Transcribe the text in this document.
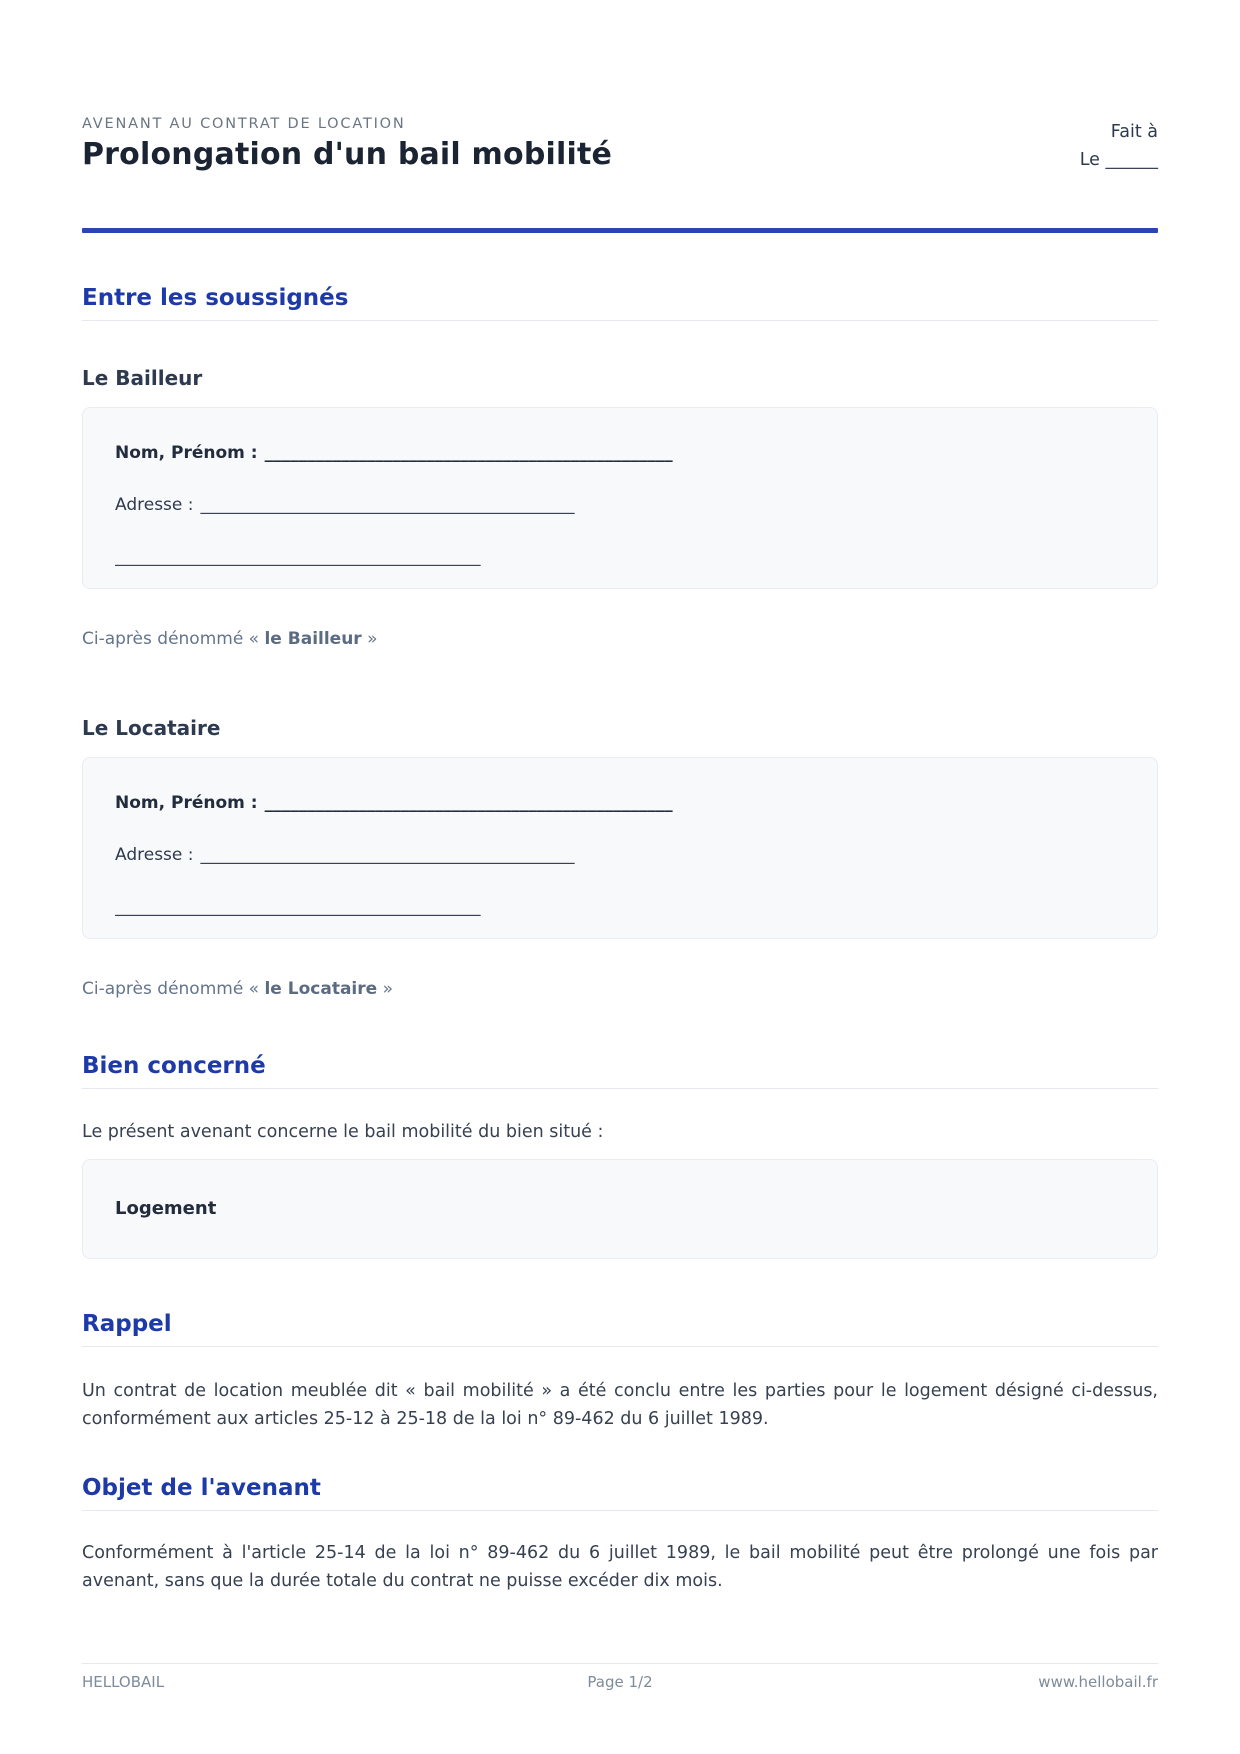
AVENANT AU CONTRAT DE LOCATION
Prolongation d'un bail mobilité
Fait à
Le ______
Entre les soussignés
Le Bailleur
Nom, Prénom : ________________________________________________
Adresse : ____________________________________________
___________________________________________
Ci-après dénommé « le Bailleur »
Le Locataire
Nom, Prénom : ________________________________________________
Adresse : ____________________________________________
___________________________________________
Ci-après dénommé « le Locataire »
Bien concerné

Le présent avenant concerne le bail mobilité du bien situé :

Logement
Rappel

Un contrat de location meublée dit « bail mobilité » a été conclu entre les parties pour le logement désigné ci-dessus, conformément aux articles 25-12 à 25-18 de la loi n° 89-462 du 6 juillet 1989.

Objet de l'avenant

Conformément à l'article 25-14 de la loi n° 89-462 du 6 juillet 1989, le bail mobilité peut être prolongé une fois par avenant, sans que la durée totale du contrat ne puisse excéder dix mois.

HELLOBAIL	Page 1/2	www.hellobail.fr
